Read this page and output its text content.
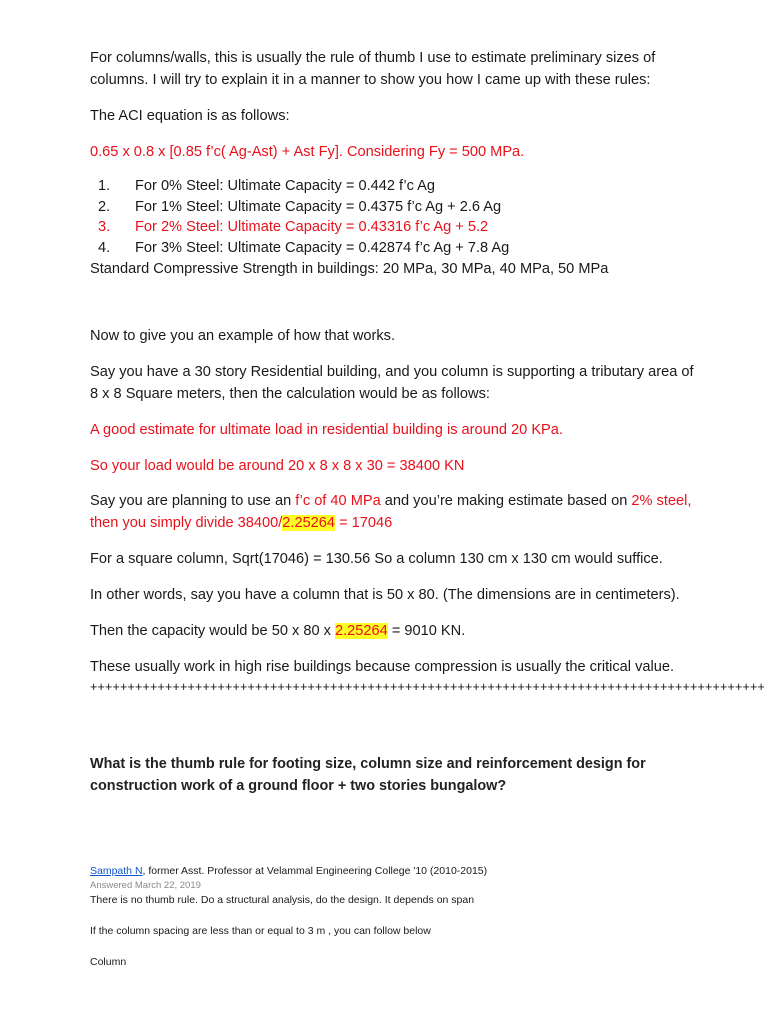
For columns/walls, this is usually the rule of thumb I use to estimate preliminary sizes of

columns. I will try to explain it in a manner to show you how I came up with these rules:

The ACI equation is as follows:

0.65 x 0.8 x [0.85 f’c( Ag-Ast) + Ast Fy]. Considering Fy = 500 MPa.

1. For 0% Steel: Ultimate Capacity = 0.442 f’c Ag
2. For 1% Steel: Ultimate Capacity = 0.4375 f’c Ag + 2.6 Ag
3. For 2% Steel: Ultimate Capacity = 0.43316 f’c Ag + 5.2
4. For 3% Steel: Ultimate Capacity = 0.42874 f’c Ag + 7.8 Ag

Standard Compressive Strength in buildings: 20 MPa, 30 MPa, 40 MPa, 50 MPa

Now to give you an example of how that works.

Say you have a 30 story Residential building, and you column is supporting a tributary area of

8 x 8 Square meters, then the calculation would be as follows:

A good estimate for ultimate load in residential building is around 20 KPa.

So your load would be around 20 x 8 x 8 x 30 = 38400 KN

Say you are planning to use an f’c of 40 MPa and you’re making estimate based on 2% steel,

then you simply divide 38400/2.25264 = 17046

For a square column, Sqrt(17046) = 130.56 So a column 130 cm x 130 cm would suffice.

In other words, say you have a column that is 50 x 80. (The dimensions are in centimeters).

Then the capacity would be 50 x 80 x 2.25264 = 9010 KN.

These usually work in high rise buildings because compression is usually the critical value.

++++++++++++++++++++++++++++++++++++++++++++++++++++++++++++++++++++++++++++++++++++++++++

What is the thumb rule for footing size, column size and reinforcement design for construction work of a ground floor + two stories bungalow?

Sampath N, former Asst. Professor at Velammal Engineering College '10 (2010-2015)

Answered March 22, 2019

There is no thumb rule. Do a structural analysis, do the design. It depends on span

If the column spacing are less than or equal to 3 m , you can follow below

Column
